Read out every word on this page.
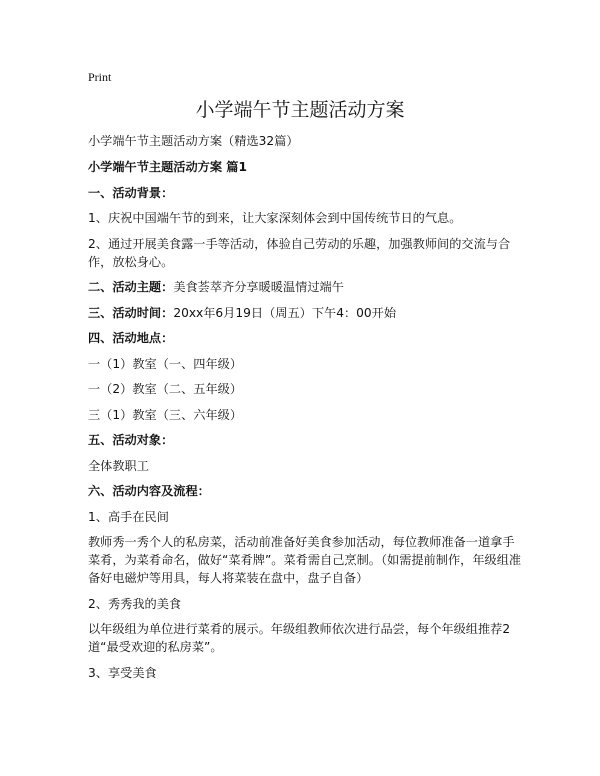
Print
小学端午节主题活动方案

小学端午节主题活动方案（精选32篇）

小学端午节主题活动方案 篇1

一、活动背景：

1、庆祝中国端午节的到来，让大家深刻体会到中国传统节日的气息。

2、通过开展美食露一手等活动，体验自己劳动的乐趣，加强教师间的交流与合作，放松身心。

二、活动主题：美食荟萃齐分享暖暖温情过端午

三、活动时间：20xx年6月19日（周五）下午4：00开始

四、活动地点：

一（1）教室（一、四年级）

一（2）教室（二、五年级）

三（1）教室（三、六年级）

五、活动对象：

全体教职工

六、活动内容及流程：

1、高手在民间

教师秀一秀个人的私房菜，活动前准备好美食参加活动，每位教师准备一道拿手菜肴，为菜肴命名，做好“菜肴牌”。菜肴需自己烹制。（如需提前制作，年级组准备好电磁炉等用具，每人将菜装在盘中，盘子自备）

2、秀秀我的美食

以年级组为单位进行菜肴的展示。年级组教师依次进行品尝，每个年级组推荐2道“最受欢迎的私房菜”。

3、享受美食
